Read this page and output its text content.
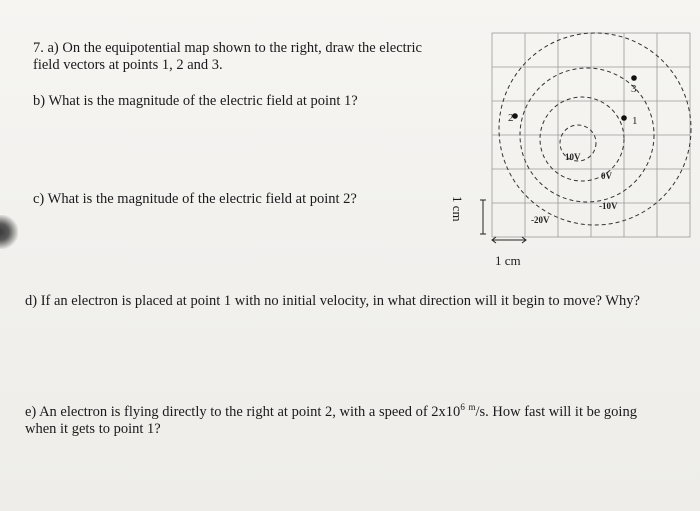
7. a) On the equipotential map shown to the right, draw the electric
field vectors at points 1, 2 and 3.
b) What is the magnitude of the electric field at point 1?
c) What is the magnitude of the electric field at point 2?
d) If an electron is placed at point 1 with no initial velocity, in what direction will it begin to move? Why?
e) An electron is flying directly to the right at point 2, with a speed of $2x10^6$ $^m$/s. How fast will it be going
when it gets to point 1?
10V
0V
-10V
-20V
1
2
3
1 cm
1 cm
